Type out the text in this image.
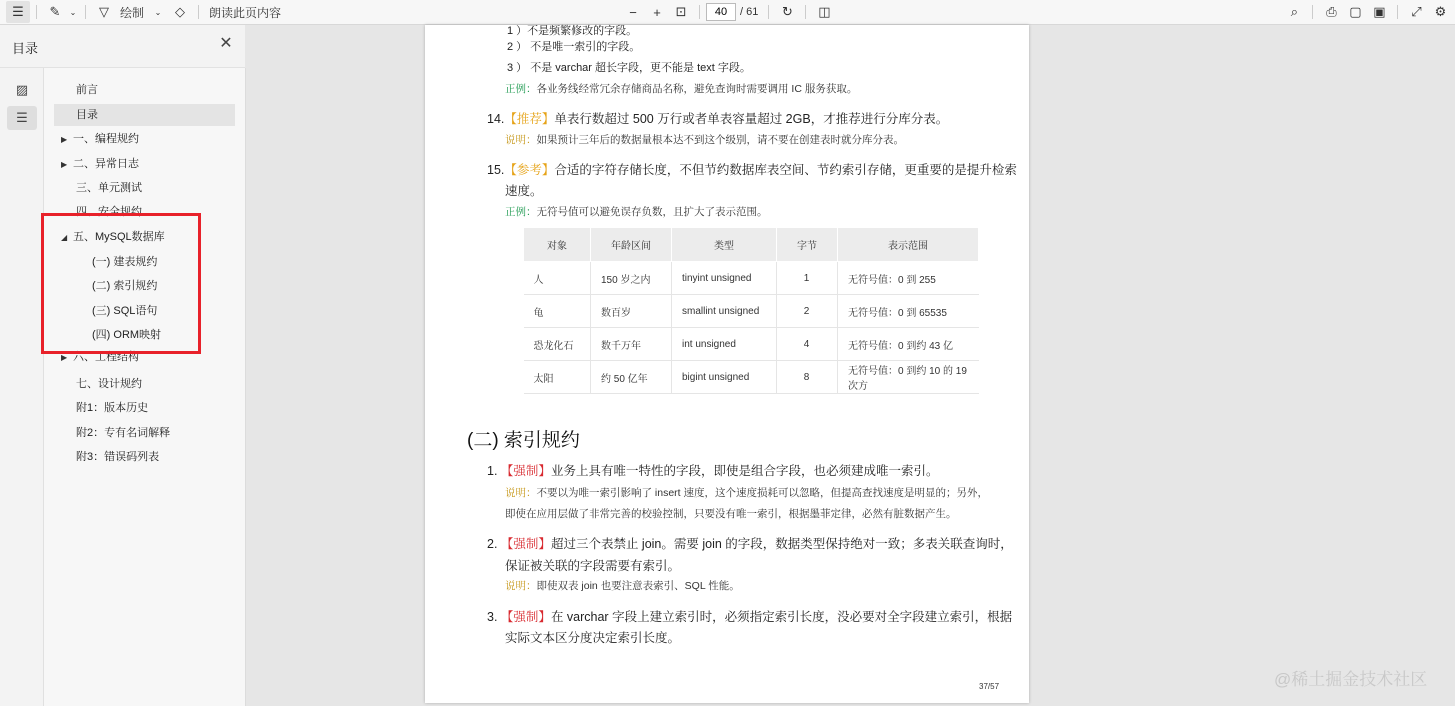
☰	✎	⌄	▽ 绘制	⌄	◇	朗读此页内容	−	+	⊡
40	/ 61	↻	◫	⌕	⎙ ▢ ▣	⤢ ⚙
目录	✕
▨
☰
前言
目录
▶ 一、编程规约
▶ 二、异常日志
三、单元测试
四、安全规约
◢ 五、MySQL数据库
(一) 建表规约
(二) 索引规约
(三) SQL语句
(四) ORM映射
▶ 六、工程结构
七、设计规约
附1：版本历史
附2：专有名词解释
附3：错误码列表
1 ）不是频繁修改的字段。
2 ） 不是唯一索引的字段。
3 ） 不是 varchar 超长字段，更不能是 text 字段。
正例：各业务线经常冗余存储商品名称，避免查询时需要调用 IC 服务获取。
14.【推荐】单表行数超过 500 万行或者单表容量超过 2GB，才推荐进行分库分表。
说明：如果预计三年后的数据量根本达不到这个级别，请不要在创建表时就分库分表。
15.【参考】合适的字符存储长度，不但节约数据库表空间、节约索引存储，更重要的是提升检索
速度。
正例：无符号值可以避免误存负数，且扩大了表示范围。
对象	年龄区间	类型	字节	表示范围
人	150 岁之内	tinyint unsigned	1	无符号值：0 到 255
龟	数百岁	smallint unsigned	2	无符号值：0 到 65535
恐龙化石	数千万年	int unsigned	4	无符号值：0 到约 43 亿
太阳	约 50 亿年	bigint unsigned	8	无符号值：0 到约 10 的 19 次方
(二) 索引规约
1. 【强制】业务上具有唯一特性的字段，即使是组合字段，也必须建成唯一索引。
说明：不要以为唯一索引影响了 insert 速度，这个速度损耗可以忽略，但提高查找速度是明显的；另外，
即使在应用层做了非常完善的校验控制，只要没有唯一索引，根据墨菲定律，必然有脏数据产生。
2. 【强制】超过三个表禁止 join。需要 join 的字段，数据类型保持绝对一致；多表关联查询时，
保证被关联的字段需要有索引。
说明：即使双表 join 也要注意表索引、SQL 性能。
3. 【强制】在 varchar 字段上建立索引时，必须指定索引长度，没必要对全字段建立索引，根据
实际文本区分度决定索引长度。
37/57	@稀土掘金技术社区
